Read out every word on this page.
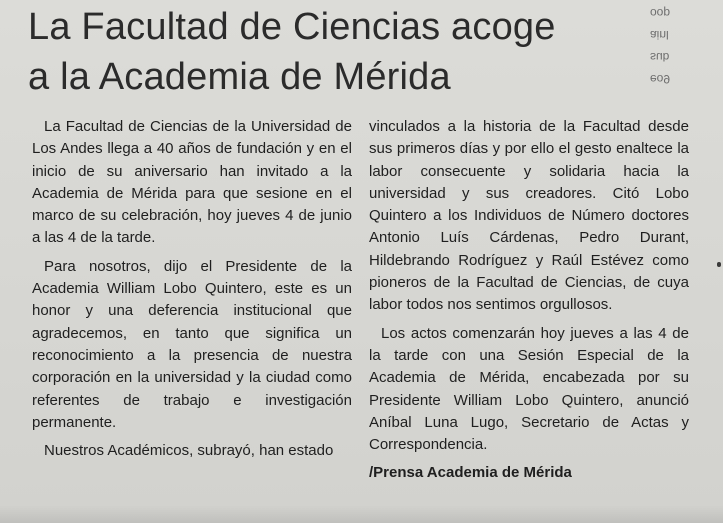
La Facultad de Ciencias acoge
a la Academia de Mérida	eo9
sub
ainl
oop

La Facultad de Ciencias de la Universidad de Los Andes llega a 40 años de fundación y en el inicio de su aniversario han invitado a la Academia de Mérida para que sesione en el marco de su celebración, hoy jueves 4 de junio a las 4 de la tarde.

Para nosotros, dijo el Presidente de la Academia William Lobo Quintero, este es un honor y una deferencia institucional que agradecemos, en tanto que significa un reconocimiento a la presencia de nuestra corporación en la universidad y la ciudad como referentes de trabajo e investigación permanente.

Nuestros Académicos, subrayó, han estado

vinculados a la historia de la Facultad desde sus primeros días y por ello el gesto enaltece la labor consecuente y solidaria hacia la universidad y sus creadores. Citó Lobo Quintero a los Individuos de Número doctores Antonio Luís Cárdenas, Pedro Durant, Hildebrando Rodríguez y Raúl Estévez como pioneros de la Facultad de Ciencias, de cuya labor todos nos sentimos orgullosos.

Los actos comenzarán hoy jueves a las 4 de la tarde con una Sesión Especial de la Academia de Mérida, encabezada por su Presidente William Lobo Quintero, anunció Aníbal Luna Lugo, Secretario de Actas y Correspondencia.

/Prensa Academia de Mérida
